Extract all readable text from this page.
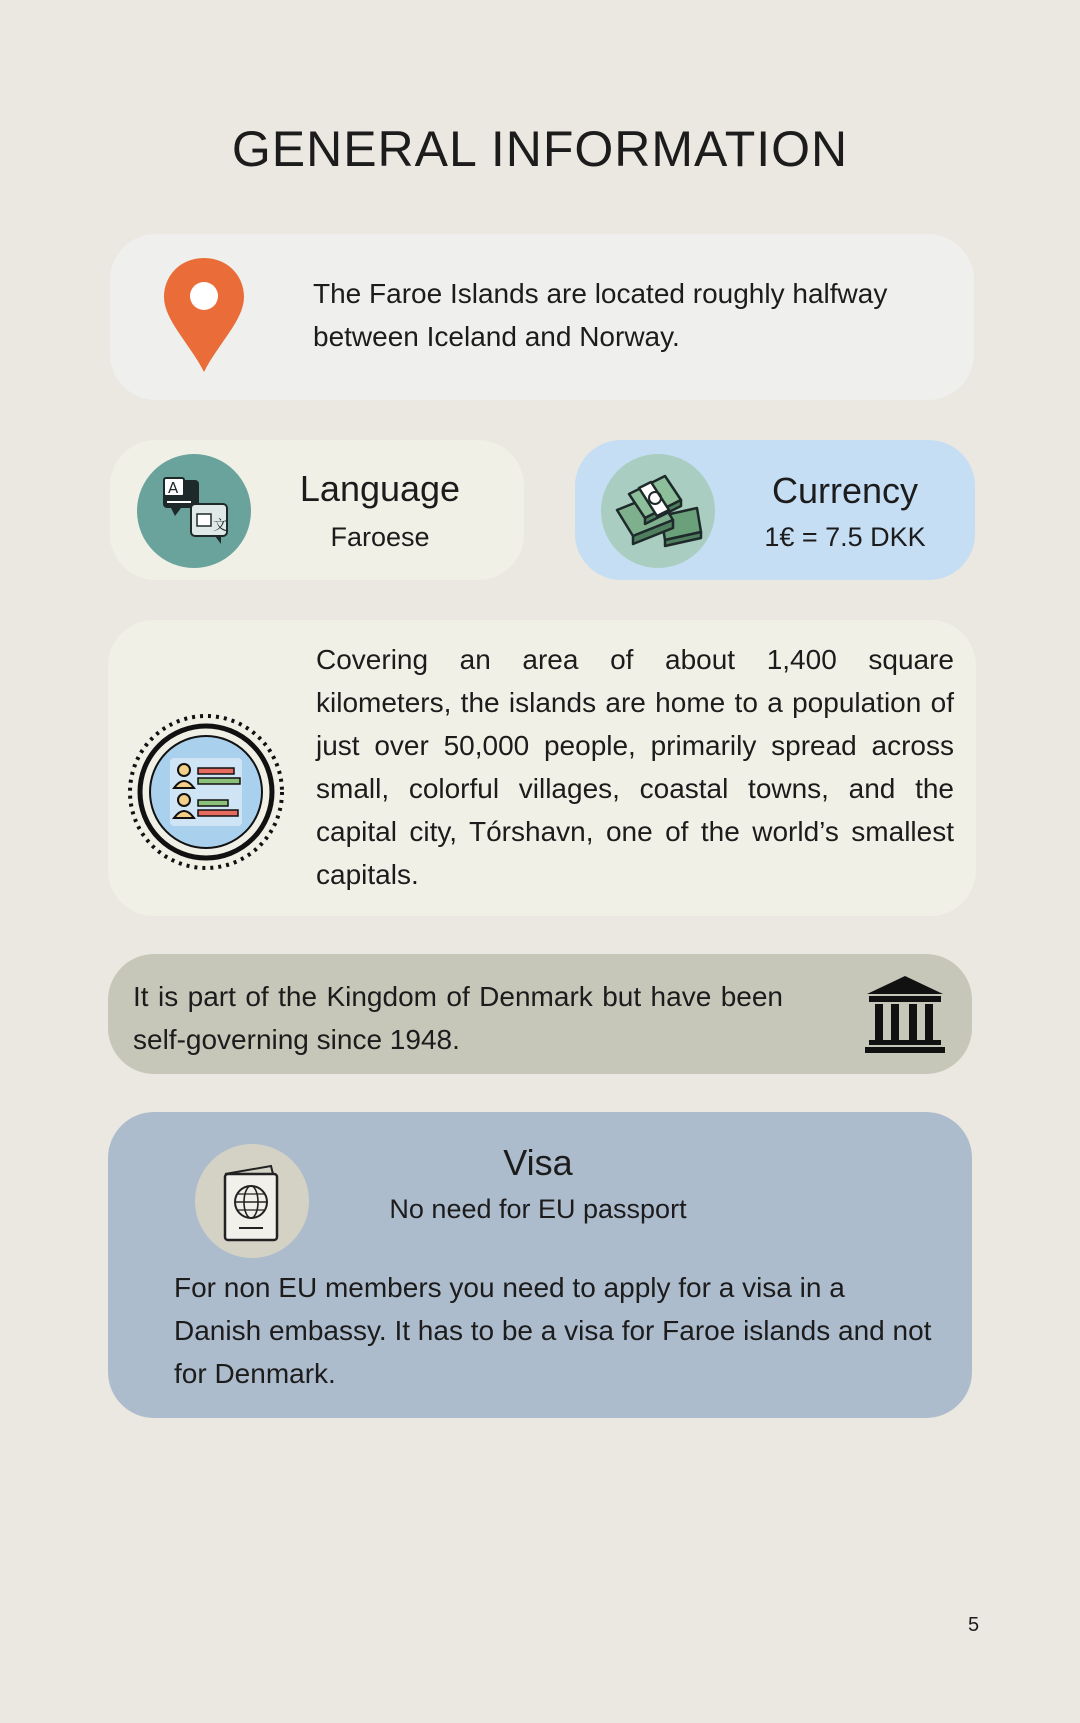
GENERAL INFORMATION
The Faroe Islands are located roughly halfway between Iceland and Norway.
A
文
Language
Faroese
Currency
1€ = 7.5 DKK
Covering an area of about 1,400 square kilometers, the islands are home to a population of just over 50,000 people, primarily spread across small, colorful villages, coastal towns, and the capital city, Tórshavn, one of the world’s smallest capitals.
It is part of the Kingdom of Denmark but have been self-governing since 1948.
Visa
No need for EU passport
For non EU members you need to apply for a visa in a Danish embassy. It has to be a visa for Faroe islands and not for Denmark.
5
